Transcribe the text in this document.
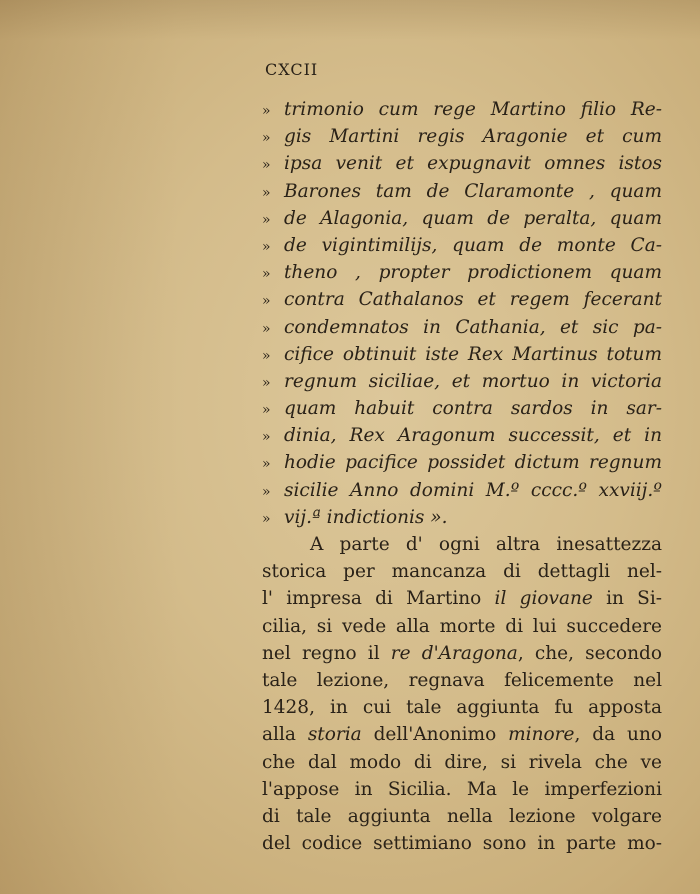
CXCII
» trimonio cum rege Martino filio Re-
» gis Martini regis Aragonie et cum
» ipsa venit et expugnavit omnes istos
» Barones tam de Claramonte , quam
» de Alagonia, quam de peralta, quam
» de vigintimilijs, quam de monte Ca-
» theno , propter prodictionem quam
» contra Cathalanos et regem fecerant
» condemnatos in Cathania, et sic pa-
» cifice obtinuit iste Rex Martinus totum
» regnum siciliae, et mortuo in victoria
» quam habuit contra sardos in sar-
» dinia, Rex Aragonum successit, et in
» hodie pacifice possidet dictum regnum
» sicilie Anno domini M.º cccc.º xxviij.º
» vij.ª indictionis ».
A parte d' ogni altra inesattezza
storica per mancanza di dettagli nel-
l' impresa di Martino il giovane in Si-
cilia, si vede alla morte di lui succedere
nel regno il re d'Aragona, che, secondo
tale lezione, regnava felicemente nel
1428, in cui tale aggiunta fu apposta
alla storia dell'Anonimo minore, da uno
che dal modo di dire, si rivela che ve
l'appose in Sicilia. Ma le imperfezioni
di tale aggiunta nella lezione volgare
del codice settimiano sono in parte mo-
